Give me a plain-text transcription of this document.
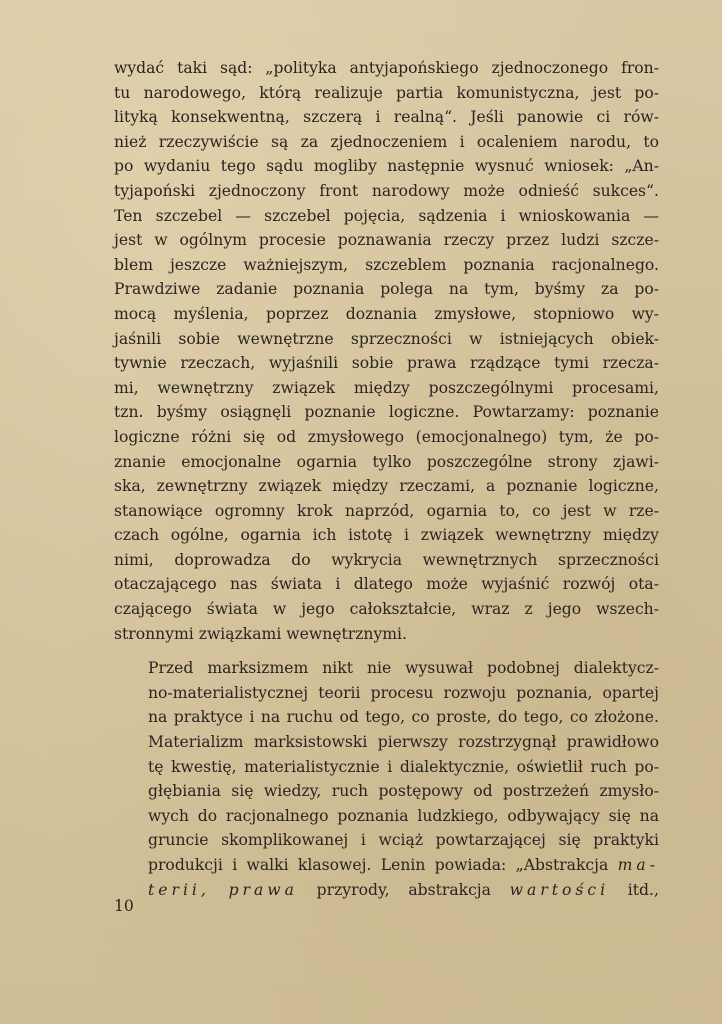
wydać taki sąd: „polityka antyjapońskiego zjednoczonego fron-
tu narodowego, którą realizuje partia komunistyczna, jest po-
lityką konsekwentną, szczerą i realną“. Jeśli panowie ci rów-
nież rzeczywiście są za zjednoczeniem i ocaleniem narodu, to
po wydaniu tego sądu mogliby następnie wysnuć wniosek: „An-
tyjapoński zjednoczony front narodowy może odnieść sukces“.
Ten szczebel — szczebel pojęcia, sądzenia i wnioskowania —
jest w ogólnym procesie poznawania rzeczy przez ludzi szcze-
blem jeszcze ważniejszym, szczeblem poznania racjonalnego.
Prawdziwe zadanie poznania polega na tym, byśmy za po-
mocą myślenia, poprzez doznania zmysłowe, stopniowo wy-
jaśnili sobie wewnętrzne sprzeczności w istniejących obiek-
tywnie rzeczach, wyjaśnili sobie prawa rządzące tymi rzecza-
mi, wewnętrzny związek między poszczególnymi procesami,
tzn. byśmy osiągnęli poznanie logiczne. Powtarzamy: poznanie
logiczne różni się od zmysłowego (emocjonalnego) tym, że po-
znanie emocjonalne ogarnia tylko poszczególne strony zjawi-
ska, zewnętrzny związek między rzeczami, a poznanie logiczne,
stanowiące ogromny krok naprzód, ogarnia to, co jest w rze-
czach ogólne, ogarnia ich istotę i związek wewnętrzny między
nimi, doprowadza do wykrycia wewnętrznych sprzeczności
otaczającego nas świata i dlatego może wyjaśnić rozwój ota-
czającego świata w jego całokształcie, wraz z jego wszech-
stronnymi związkami wewnętrznymi.

Przed marksizmem nikt nie wysuwał podobnej dialektycz-
no-materialistycznej teorii procesu rozwoju poznania, opartej
na praktyce i na ruchu od tego, co proste, do tego, co złożone.
Materializm marksistowski pierwszy rozstrzygnął prawidłowo
tę kwestię, materialistycznie i dialektycznie, oświetlił ruch po-
głębiania się wiedzy, ruch postępowy od postrzeżeń zmysło-
wych do racjonalnego poznania ludzkiego, odbywający się na
gruncie skomplikowanej i wciąż powtarzającej się praktyki
produkcji i walki klasowej. Lenin powiada: „Abstrakcja ma-
terii, prawa przyrody, abstrakcja wartości itd.,

10
